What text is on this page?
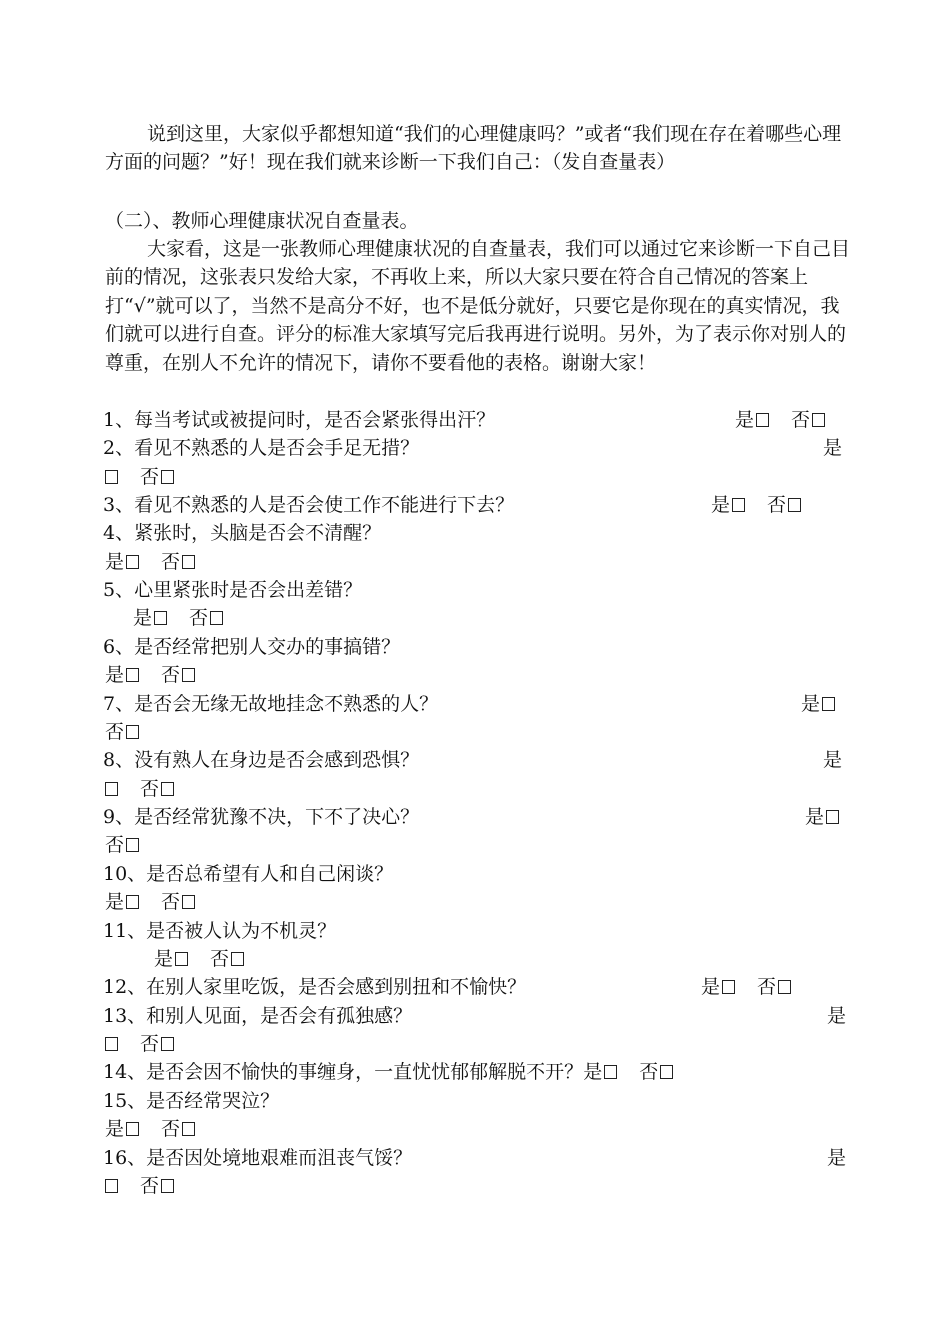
说到这里，大家似乎都想知道“我们的心理健康吗？”或者“我们现在存在着哪些心理方面的问题？”好！现在我们就来诊断一下我们自己：（发自查量表）

（二）、教师心理健康状况自查量表。

大家看，这是一张教师心理健康状况的自查量表，我们可以通过它来诊断一下自己目前的情况，这张表只发给大家，不再收上来，所以大家只要在符合自己情况的答案上打“√”就可以了，当然不是高分不好，也不是低分就好，只要它是你现在的真实情况，我们就可以进行自查。评分的标准大家填写完后我再进行说明。另外，为了表示你对别人的尊重，在别人不允许的情况下，请你不要看他的表格。谢谢大家！

1、每当考试或被提问时，是否会紧张得出汗？	是 否
2、看见不熟悉的人是否会手足无措？	是
否
3、看见不熟悉的人是否会使工作不能进行下去？	是 否
4、紧张时，头脑是否会不清醒？
是 否
5、心里紧张时是否会出差错？
是 否
6、是否经常把别人交办的事搞错？
是 否
7、是否会无缘无故地挂念不熟悉的人？	是
否
8、没有熟人在身边是否会感到恐惧？	是
否
9、是否经常犹豫不决，下不了决心？	是
否
10、是否总希望有人和自己闲谈？
是 否
11、是否被人认为不机灵？
是 否
12、在别人家里吃饭，是否会感到别扭和不愉快？	是 否
13、和别人见面，是否会有孤独感？	是
否
14、是否会因不愉快的事缠身，一直忧忧郁郁解脱不开？是 否
15、是否经常哭泣？
是 否
16、是否因处境地艰难而沮丧气馁？	是
否
